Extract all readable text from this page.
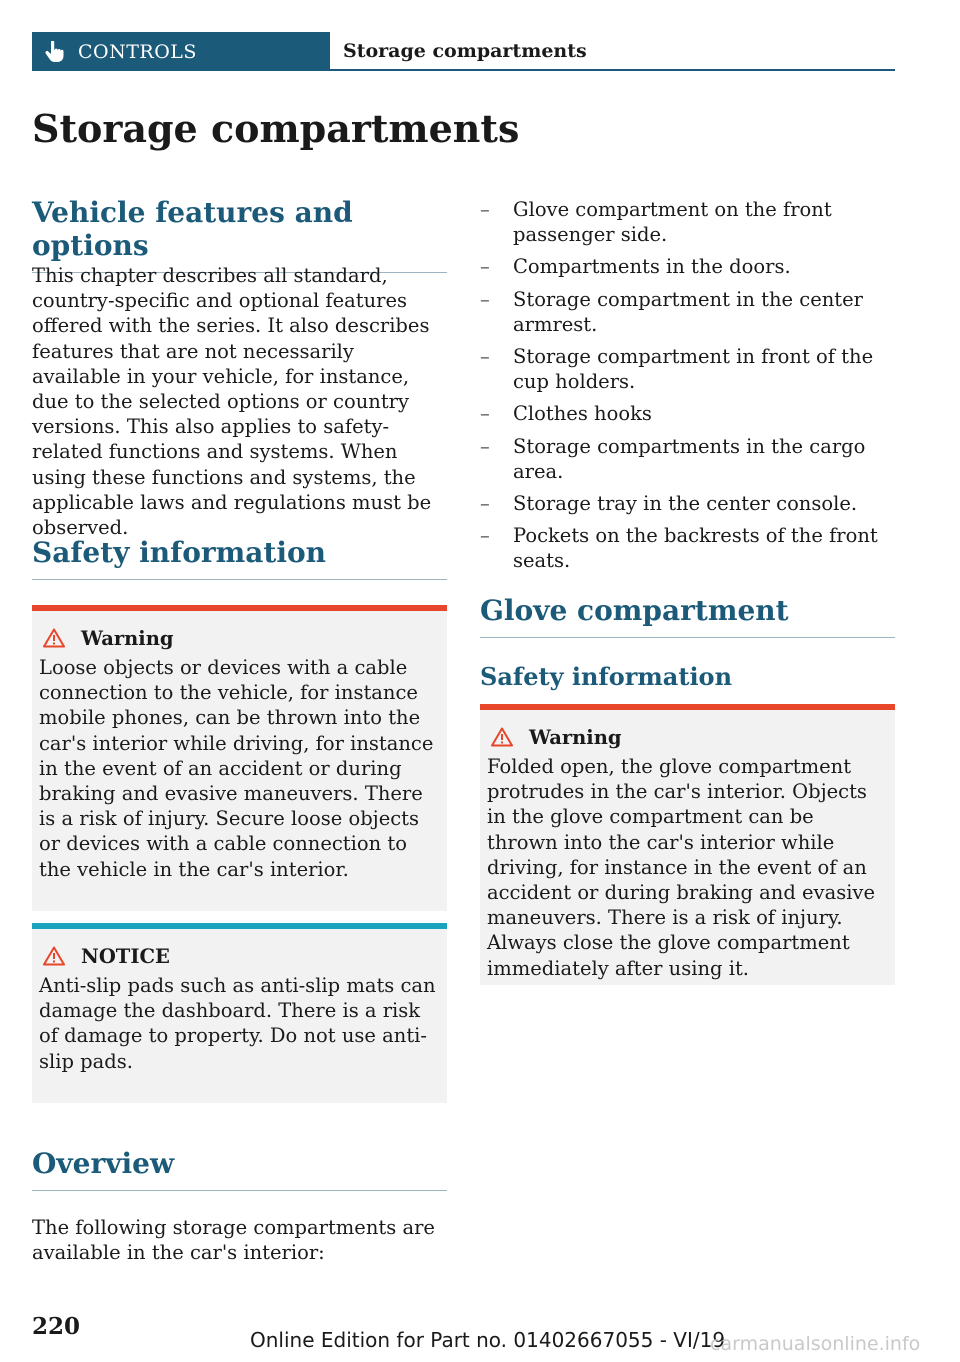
CONTROLS	Storage compartments
Storage compartments
Vehicle features and options

This chapter describes all standard, country-specific and optional features offered with the series. It also describes features that are not necessarily available in your vehicle, for instance, due to the selected options or country versions. This also applies to safety-related functions and systems. When using these functions and systems, the applicable laws and regulations must be observed.

Safety information
Warning

Loose objects or devices with a cable connection to the vehicle, for instance mobile phones, can be thrown into the car's interior while driving, for instance in the event of an accident or during braking and evasive maneuvers. There is a risk of injury. Secure loose objects or devices with a cable connection to the vehicle in the car's interior.

NOTICE

Anti-slip pads such as anti-slip mats can damage the dashboard. There is a risk of damage to property. Do not use anti-slip pads.

Overview

The following storage compartments are available in the car's interior:

– Glove compartment on the front passenger side.
– Compartments in the doors.
– Storage compartment in the center armrest.
– Storage compartment in front of the cup holders.
– Clothes hooks
– Storage compartments in the cargo area.
– Storage tray in the center console.
– Pockets on the backrests of the front seats.
Glove compartment
Safety information
Warning

Folded open, the glove compartment protrudes in the car's interior. Objects in the glove compartment can be thrown into the car's interior while driving, for instance in the event of an accident or during braking and evasive maneuvers. There is a risk of injury. Always close the glove compartment immediately after using it.

220	Online Edition for Part no. 01402667055 - VI/19
carmanualsonline.info
